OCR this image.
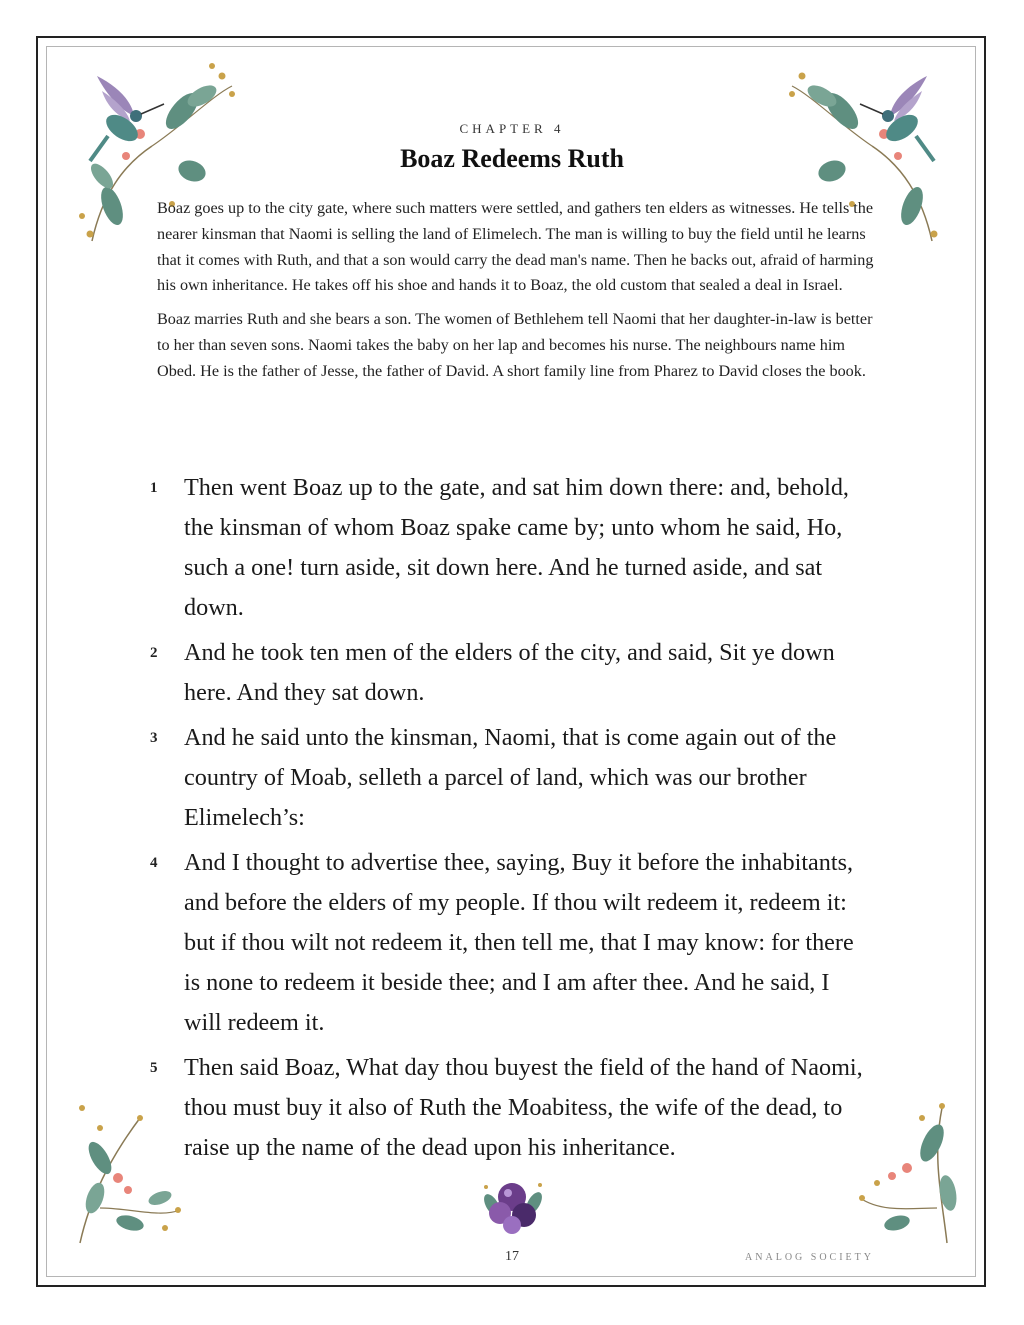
CHAPTER 4
Boaz Redeems Ruth

Boaz goes up to the city gate, where such matters were settled, and gathers ten elders as witnesses. He tells the nearer kinsman that Naomi is selling the land of Elimelech. The man is willing to buy the field until he learns that it comes with Ruth, and that a son would carry the dead man's name. Then he backs out, afraid of harming his own inheritance. He takes off his shoe and hands it to Boaz, the old custom that sealed a deal in Israel.

Boaz marries Ruth and she bears a son. The women of Bethlehem tell Naomi that her daughter-in-law is better to her than seven sons. Naomi takes the baby on her lap and becomes his nurse. The neighbours name him Obed. He is the father of Jesse, the father of David. A short family line from Pharez to David closes the book.

1	Then went Boaz up to the gate, and sat him down there: and, behold, the kinsman of whom Boaz spake came by; unto whom he said, Ho, such a one! turn aside, sit down here. And he turned aside, and sat down.
2	And he took ten men of the elders of the city, and said, Sit ye down here. And they sat down.
3	And he said unto the kinsman, Naomi, that is come again out of the country of Moab, selleth a parcel of land, which was our brother Elimelech’s:
4	And I thought to advertise thee, saying, Buy it before the inhabitants, and before the elders of my people. If thou wilt redeem it, redeem it: but if thou wilt not redeem it, then tell me, that I may know: for there is none to redeem it beside thee; and I am after thee. And he said, I will redeem it.
5	Then said Boaz, What day thou buyest the field of the hand of Naomi, thou must buy it also of Ruth the Moabitess, the wife of the dead, to raise up the name of the dead upon his inheritance.
17	ANALOG SOCIETY
